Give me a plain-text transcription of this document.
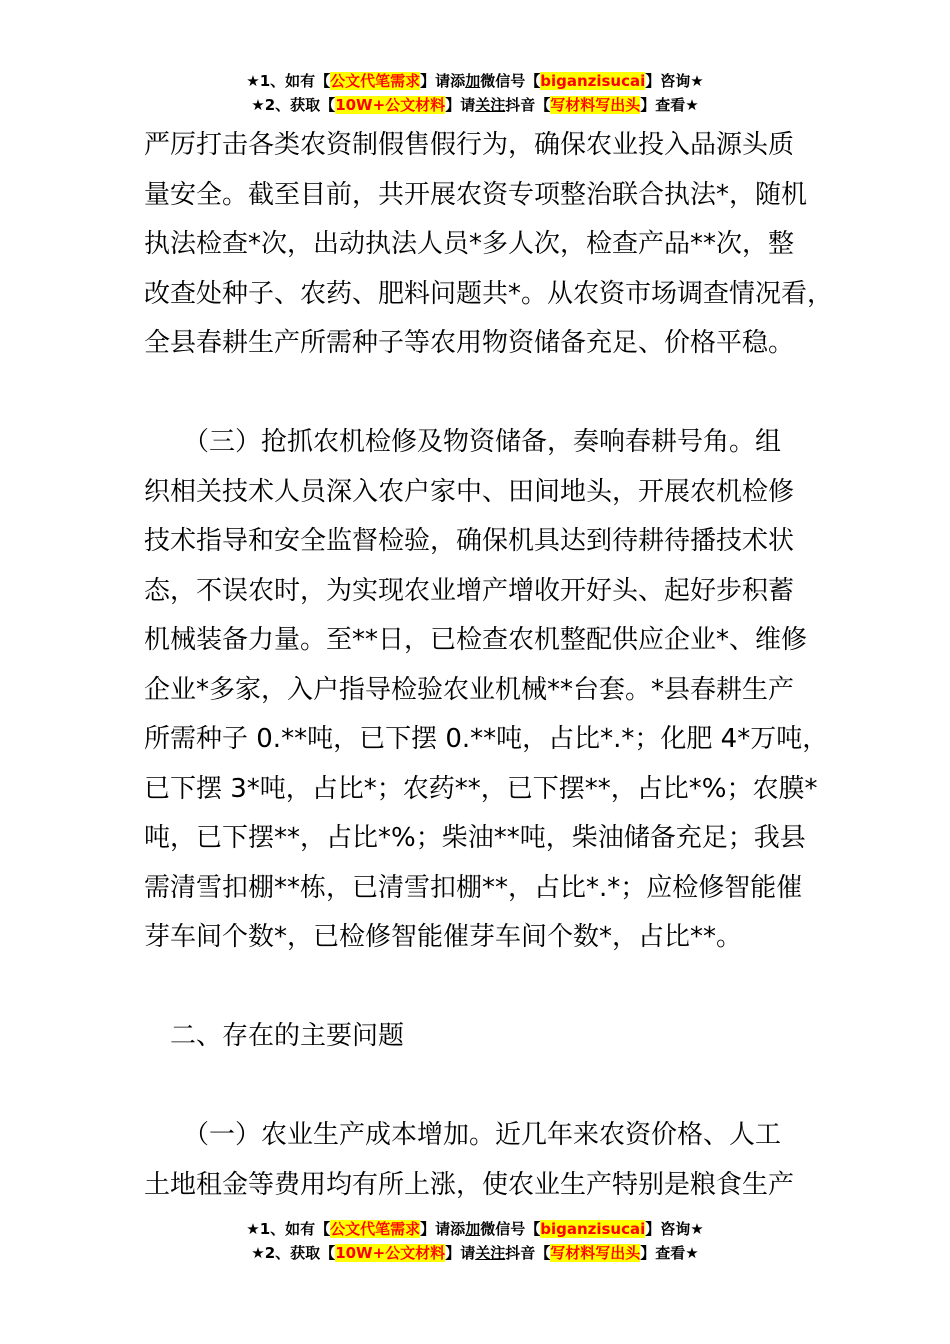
★1、如有【公文代笔需求】请添加微信号【biganzisucai】咨询★
★2、获取【10W+公文材料】请关注抖音【写材料写出头】查看★

严厉打击各类农资制假售假行为，确保农业投入品源头质

量安全。截至目前，共开展农资专项整治联合执法*，随机

执法检查*次，出动执法人员*多人次，检查产品**次，整

改查处种子、农药、肥料问题共*。从农资市场调查情况看，

全县春耕生产所需种子等农用物资储备充足、价格平稳。

　　（三）抢抓农机检修及物资储备，奏响春耕号角。组

织相关技术人员深入农户家中、田间地头，开展农机检修

技术指导和安全监督检验，确保机具达到待耕待播技术状

态，不误农时，为实现农业增产增收开好头、起好步积蓄

机械装备力量。至**日，已检查农机整配供应企业*、维修

企业*多家，入户指导检验农业机械**台套。*县春耕生产

所需种子 0.**吨，已下摆 0.**吨，占比*.*；化肥 4*万吨，

已下摆 3*吨，占比*；农药**，已下摆**，占比*%；农膜*

吨，已下摆**，占比*%；柴油**吨，柴油储备充足；我县

需清雪扣棚**栋，已清雪扣棚**，占比*.*；应检修智能催

芽车间个数*，已检修智能催芽车间个数*，占比**。

　二、存在的主要问题

　　（一）农业生产成本增加。近几年来农资价格、人工

土地租金等费用均有所上涨，使农业生产特别是粮食生产

★1、如有【公文代笔需求】请添加微信号【biganzisucai】咨询★
★2、获取【10W+公文材料】请关注抖音【写材料写出头】查看★
